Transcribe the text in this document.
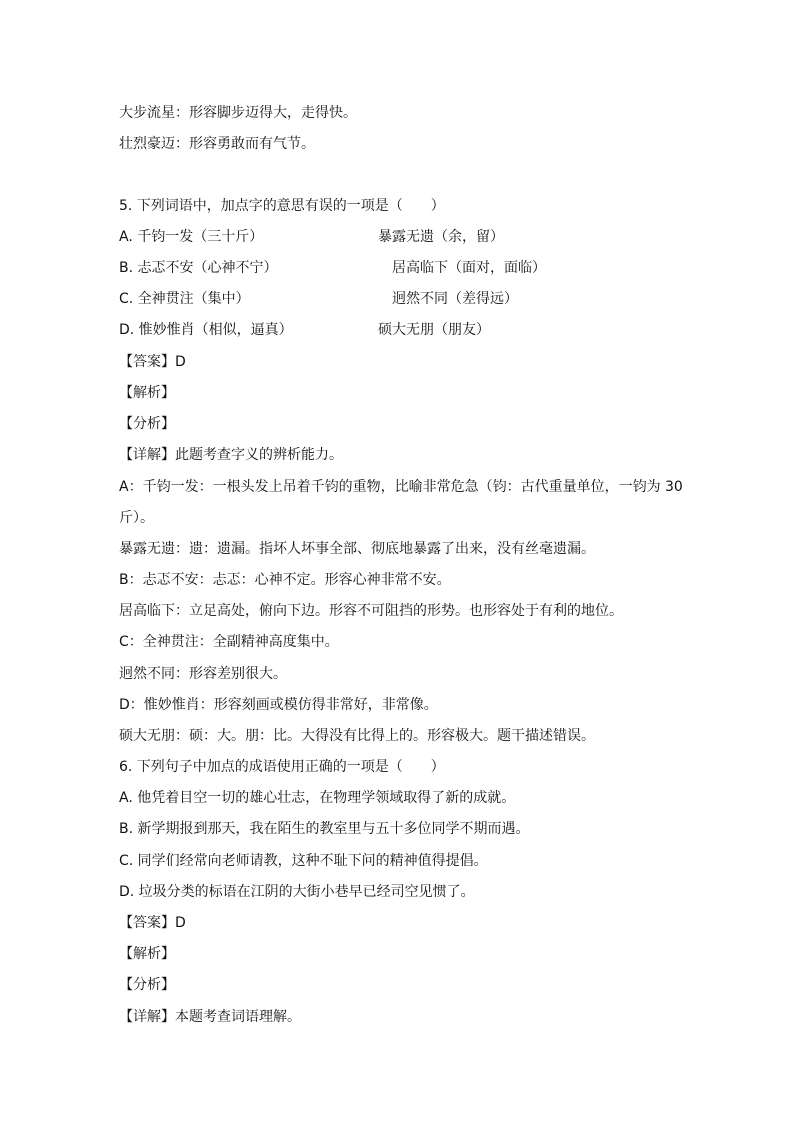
大步流星：形容脚步迈得大，走得快。
壮烈豪迈：形容勇敢而有气节。
5. 下列词语中，加点字的意思有误的一项是（　　）
A. 千钧一发（三十斤）	暴露无遗（余，留）
B. 忐忑不安（心神不宁）	居高临下（面对，面临）
C. 全神贯注（集中）	迥然不同（差得远）
D. 惟妙惟肖（相似，逼真）	硕大无朋（朋友）
【答案】D
【解析】
【分析】
【详解】此题考查字义的辨析能力。
A：千钧一发：一根头发上吊着千钧的重物，比喻非常危急（钧：古代重量单位，一钧为 30
斤）。
暴露无遗：遗：遗漏。指坏人坏事全部、彻底地暴露了出来，没有丝毫遗漏。
B：忐忑不安：忐忑：心神不定。形容心神非常不安。
居高临下：立足高处，俯向下边。形容不可阻挡的形势。也形容处于有利的地位。
C：全神贯注：全副精神高度集中。
迥然不同：形容差别很大。
D：惟妙惟肖：形容刻画或模仿得非常好，非常像。
硕大无朋：硕：大。朋：比。大得没有比得上的。形容极大。题干描述错误。
6. 下列句子中加点的成语使用正确的一项是（　　）
A. 他凭着目空一切的雄心壮志，在物理学领域取得了新的成就。
B. 新学期报到那天，我在陌生的教室里与五十多位同学不期而遇。
C. 同学们经常向老师请教，这种不耻下问的精神值得提倡。
D. 垃圾分类的标语在江阴的大街小巷早已经司空见惯了。
【答案】D
【解析】
【分析】
【详解】本题考查词语理解。
